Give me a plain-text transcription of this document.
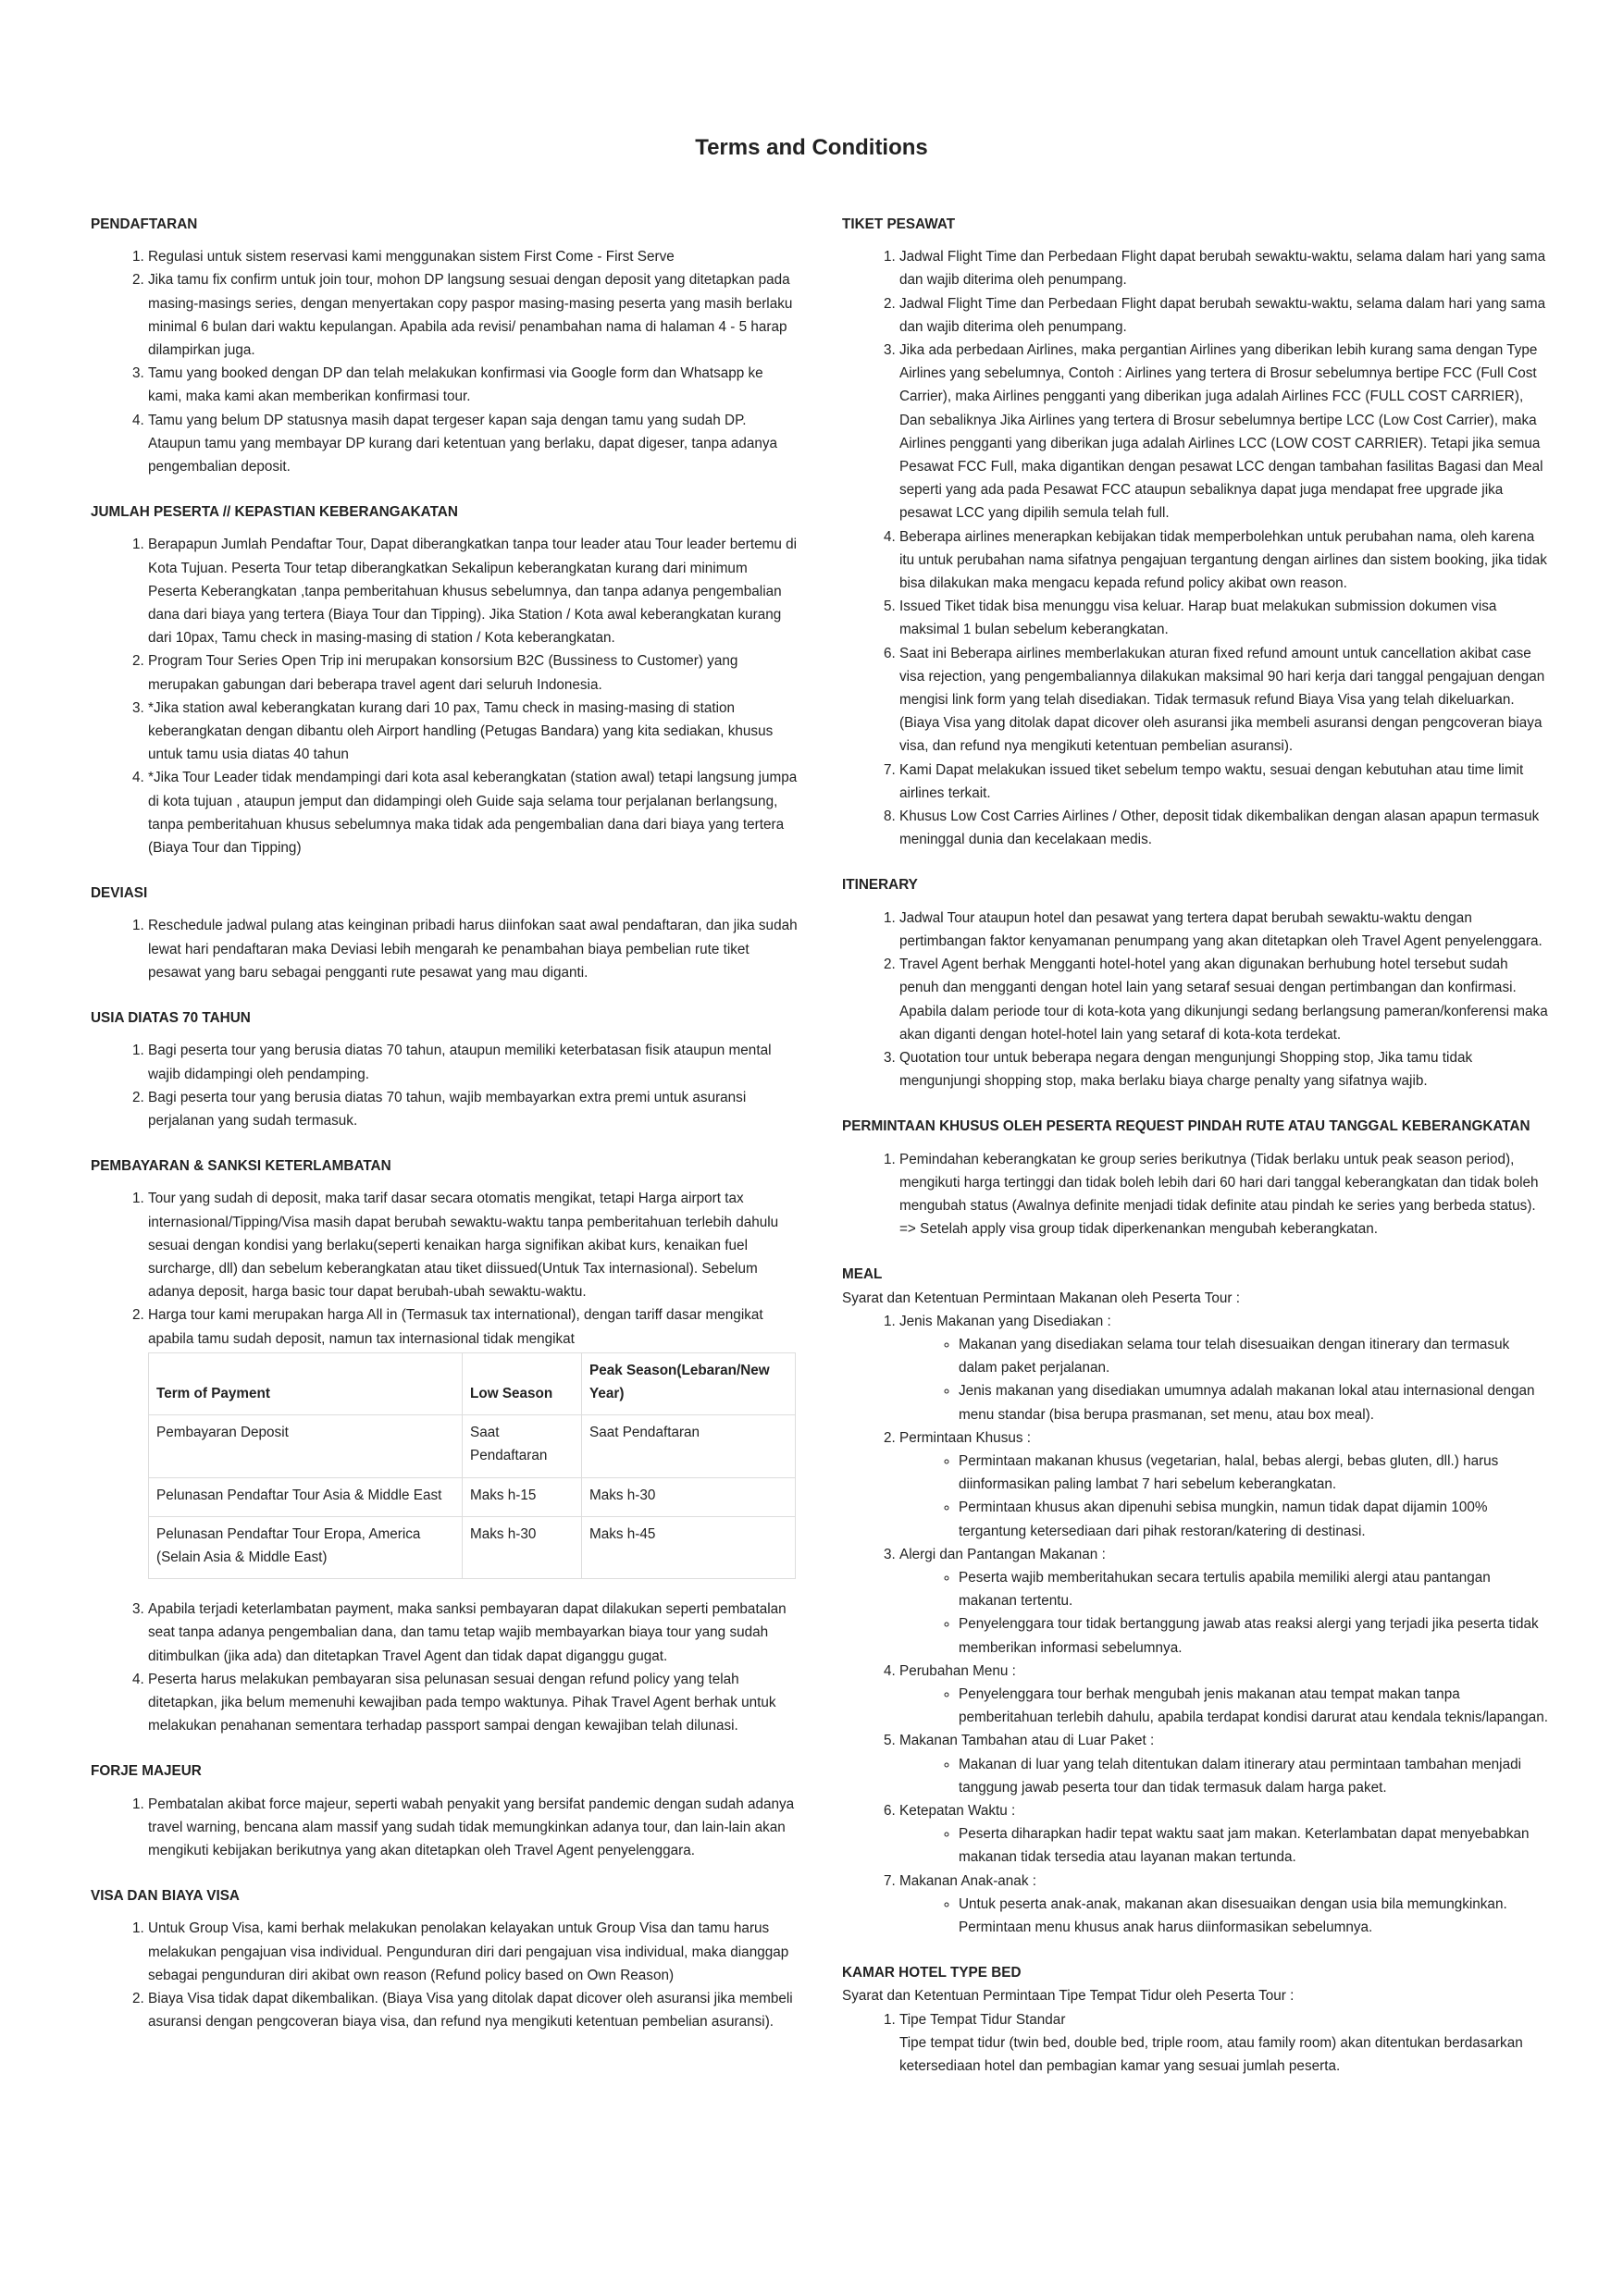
Terms and Conditions
PENDAFTARAN
1. Regulasi untuk sistem reservasi kami menggunakan sistem First Come - First Serve
2. Jika tamu fix confirm untuk join tour, mohon DP langsung sesuai dengan deposit yang ditetapkan pada masing-masings series, dengan menyertakan copy paspor masing-masing peserta yang masih berlaku minimal 6 bulan dari waktu kepulangan. Apabila ada revisi/ penambahan nama di halaman 4 - 5 harap dilampirkan juga.
3. Tamu yang booked dengan DP dan telah melakukan konfirmasi via Google form dan Whatsapp ke kami, maka kami akan memberikan konfirmasi tour.
4. Tamu yang belum DP statusnya masih dapat tergeser kapan saja dengan tamu yang sudah DP. Ataupun tamu yang membayar DP kurang dari ketentuan yang berlaku, dapat digeser, tanpa adanya pengembalian deposit.
JUMLAH PESERTA // KEPASTIAN KEBERANGAKATAN
1. Berapapun Jumlah Pendaftar Tour, Dapat diberangkatkan tanpa tour leader atau Tour leader bertemu di Kota Tujuan. Peserta Tour tetap diberangkatkan Sekalipun keberangkatan kurang dari minimum Peserta Keberangkatan ,tanpa pemberitahuan khusus sebelumnya, dan tanpa adanya pengembalian dana dari biaya yang tertera (Biaya Tour dan Tipping). Jika Station / Kota awal keberangkatan kurang dari 10pax, Tamu check in masing-masing di station / Kota keberangkatan.
2. Program Tour Series Open Trip ini merupakan konsorsium B2C (Bussiness to Customer) yang merupakan gabungan dari beberapa travel agent dari seluruh Indonesia.
3. *Jika station awal keberangkatan kurang dari 10 pax, Tamu check in masing-masing di station keberangkatan dengan dibantu oleh Airport handling (Petugas Bandara) yang kita sediakan, khusus untuk tamu usia diatas 40 tahun
4. *Jika Tour Leader tidak mendampingi dari kota asal keberangkatan (station awal) tetapi langsung jumpa di kota tujuan , ataupun jemput dan didampingi oleh Guide saja selama tour perjalanan berlangsung, tanpa pemberitahuan khusus sebelumnya maka tidak ada pengembalian dana dari biaya yang tertera (Biaya Tour dan Tipping)
DEVIASI
1. Reschedule jadwal pulang atas keinginan pribadi harus diinfokan saat awal pendaftaran, dan jika sudah lewat hari pendaftaran maka Deviasi lebih mengarah ke penambahan biaya pembelian rute tiket pesawat yang baru sebagai pengganti rute pesawat yang mau diganti.
USIA DIATAS 70 TAHUN
1. Bagi peserta tour yang berusia diatas 70 tahun, ataupun memiliki keterbatasan fisik ataupun mental wajib didampingi oleh pendamping.
2. Bagi peserta tour yang berusia diatas 70 tahun, wajib membayarkan extra premi untuk asuransi perjalanan yang sudah termasuk.
PEMBAYARAN & SANKSI KETERLAMBATAN
1. Tour yang sudah di deposit, maka tarif dasar secara otomatis mengikat, tetapi Harga airport tax internasional/Tipping/Visa masih dapat berubah sewaktu-waktu tanpa pemberitahuan terlebih dahulu sesuai dengan kondisi yang berlaku(seperti kenaikan harga signifikan akibat kurs, kenaikan fuel surcharge, dll) dan sebelum keberangkatan atau tiket diissued(Untuk Tax internasional). Sebelum adanya deposit, harga basic tour dapat berubah-ubah sewaktu-waktu.
2. Harga tour kami merupakan harga All in (Termasuk tax international), dengan tariff dasar mengikat apabila tamu sudah deposit, namun tax internasional tidak mengikat
Term of Payment	Low Season	Peak Season(Lebaran/New Year)
Pembayaran Deposit	Saat Pendaftaran	Saat Pendaftaran
Pelunasan Pendaftar Tour Asia & Middle East	Maks h-15	Maks h-30
Pelunasan Pendaftar Tour Eropa, America (Selain Asia & Middle East)	Maks h-30	Maks h-45
3. Apabila terjadi keterlambatan payment, maka sanksi pembayaran dapat dilakukan seperti pembatalan seat tanpa adanya pengembalian dana, dan tamu tetap wajib membayarkan biaya tour yang sudah ditimbulkan (jika ada) dan ditetapkan Travel Agent dan tidak dapat diganggu gugat.
4. Peserta harus melakukan pembayaran sisa pelunasan sesuai dengan refund policy yang telah ditetapkan, jika belum memenuhi kewajiban pada tempo waktunya. Pihak Travel Agent berhak untuk melakukan penahanan sementara terhadap passport sampai dengan kewajiban telah dilunasi.
FORJE MAJEUR
1. Pembatalan akibat force majeur, seperti wabah penyakit yang bersifat pandemic dengan sudah adanya travel warning, bencana alam massif yang sudah tidak memungkinkan adanya tour, dan lain-lain akan mengikuti kebijakan berikutnya yang akan ditetapkan oleh Travel Agent penyelenggara.
VISA DAN BIAYA VISA
1. Untuk Group Visa, kami berhak melakukan penolakan kelayakan untuk Group Visa dan tamu harus melakukan pengajuan visa individual. Pengunduran diri dari pengajuan visa individual, maka dianggap sebagai pengunduran diri akibat own reason (Refund policy based on Own Reason)
2. Biaya Visa tidak dapat dikembalikan. (Biaya Visa yang ditolak dapat dicover oleh asuransi jika membeli asuransi dengan pengcoveran biaya visa, dan refund nya mengikuti ketentuan pembelian asuransi).
TIKET PESAWAT
1. Jadwal Flight Time dan Perbedaan Flight dapat berubah sewaktu-waktu, selama dalam hari yang sama dan wajib diterima oleh penumpang.
2. Jadwal Flight Time dan Perbedaan Flight dapat berubah sewaktu-waktu, selama dalam hari yang sama dan wajib diterima oleh penumpang.
3. Jika ada perbedaan Airlines, maka pergantian Airlines yang diberikan lebih kurang sama dengan Type Airlines yang sebelumnya, Contoh : Airlines yang tertera di Brosur sebelumnya bertipe FCC (Full Cost Carrier), maka Airlines pengganti yang diberikan juga adalah Airlines FCC (FULL COST CARRIER), Dan sebaliknya Jika Airlines yang tertera di Brosur sebelumnya bertipe LCC (Low Cost Carrier), maka Airlines pengganti yang diberikan juga adalah Airlines LCC (LOW COST CARRIER). Tetapi jika semua Pesawat FCC Full, maka digantikan dengan pesawat LCC dengan tambahan fasilitas Bagasi dan Meal seperti yang ada pada Pesawat FCC ataupun sebaliknya dapat juga mendapat free upgrade jika pesawat LCC yang dipilih semula telah full.
4. Beberapa airlines menerapkan kebijakan tidak memperbolehkan untuk perubahan nama, oleh karena itu untuk perubahan nama sifatnya pengajuan tergantung dengan airlines dan sistem booking, jika tidak bisa dilakukan maka mengacu kepada refund policy akibat own reason.
5. Issued Tiket tidak bisa menunggu visa keluar. Harap buat melakukan submission dokumen visa maksimal 1 bulan sebelum keberangkatan.
6. Saat ini Beberapa airlines memberlakukan aturan fixed refund amount untuk cancellation akibat case visa rejection, yang pengembaliannya dilakukan maksimal 90 hari kerja dari tanggal pengajuan dengan mengisi link form yang telah disediakan. Tidak termasuk refund Biaya Visa yang telah dikeluarkan. (Biaya Visa yang ditolak dapat dicover oleh asuransi jika membeli asuransi dengan pengcoveran biaya visa, dan refund nya mengikuti ketentuan pembelian asuransi).
7. Kami Dapat melakukan issued tiket sebelum tempo waktu, sesuai dengan kebutuhan atau time limit airlines terkait.
8. Khusus Low Cost Carries Airlines / Other, deposit tidak dikembalikan dengan alasan apapun termasuk meninggal dunia dan kecelakaan medis.
ITINERARY
1. Jadwal Tour ataupun hotel dan pesawat yang tertera dapat berubah sewaktu-waktu dengan pertimbangan faktor kenyamanan penumpang yang akan ditetapkan oleh Travel Agent penyelenggara.
2. Travel Agent berhak Mengganti hotel-hotel yang akan digunakan berhubung hotel tersebut sudah penuh dan mengganti dengan hotel lain yang setaraf sesuai dengan pertimbangan dan konfirmasi. Apabila dalam periode tour di kota-kota yang dikunjungi sedang berlangsung pameran/konferensi maka akan diganti dengan hotel-hotel lain yang setaraf di kota-kota terdekat.
3. Quotation tour untuk beberapa negara dengan mengunjungi Shopping stop, Jika tamu tidak mengunjungi shopping stop, maka berlaku biaya charge penalty yang sifatnya wajib.
PERMINTAAN KHUSUS OLEH PESERTA REQUEST PINDAH RUTE ATAU TANGGAL KEBERANGKATAN
1. Pemindahan keberangkatan ke group series berikutnya (Tidak berlaku untuk peak season period), mengikuti harga tertinggi dan tidak boleh lebih dari 60 hari dari tanggal keberangkatan dan tidak boleh mengubah status (Awalnya definite menjadi tidak definite atau pindah ke series yang berbeda status). => Setelah apply visa group tidak diperkenankan mengubah keberangkatan.
MEAL

Syarat dan Ketentuan Permintaan Makanan oleh Peserta Tour :

1. Jenis Makanan yang Disediakan :
◦ Makanan yang disediakan selama tour telah disesuaikan dengan itinerary dan termasuk dalam paket perjalanan.
◦ Jenis makanan yang disediakan umumnya adalah makanan lokal atau internasional dengan menu standar (bisa berupa prasmanan, set menu, atau box meal).
2. Permintaan Khusus :
◦ Permintaan makanan khusus (vegetarian, halal, bebas alergi, bebas gluten, dll.) harus diinformasikan paling lambat 7 hari sebelum keberangkatan.
◦ Permintaan khusus akan dipenuhi sebisa mungkin, namun tidak dapat dijamin 100% tergantung ketersediaan dari pihak restoran/katering di destinasi.
3. Alergi dan Pantangan Makanan :
◦ Peserta wajib memberitahukan secara tertulis apabila memiliki alergi atau pantangan makanan tertentu.
◦ Penyelenggara tour tidak bertanggung jawab atas reaksi alergi yang terjadi jika peserta tidak memberikan informasi sebelumnya.
4. Perubahan Menu :
◦ Penyelenggara tour berhak mengubah jenis makanan atau tempat makan tanpa pemberitahuan terlebih dahulu, apabila terdapat kondisi darurat atau kendala teknis/lapangan.
5. Makanan Tambahan atau di Luar Paket :
◦ Makanan di luar yang telah ditentukan dalam itinerary atau permintaan tambahan menjadi tanggung jawab peserta tour dan tidak termasuk dalam harga paket.
6. Ketepatan Waktu :
◦ Peserta diharapkan hadir tepat waktu saat jam makan. Keterlambatan dapat menyebabkan makanan tidak tersedia atau layanan makan tertunda.
7. Makanan Anak-anak :
◦ Untuk peserta anak-anak, makanan akan disesuaikan dengan usia bila memungkinkan. Permintaan menu khusus anak harus diinformasikan sebelumnya.
KAMAR HOTEL TYPE BED

Syarat dan Ketentuan Permintaan Tipe Tempat Tidur oleh Peserta Tour :

1. Tipe Tempat Tidur Standar
Tipe tempat tidur (twin bed, double bed, triple room, atau family room) akan ditentukan berdasarkan ketersediaan hotel dan pembagian kamar yang sesuai jumlah peserta.
